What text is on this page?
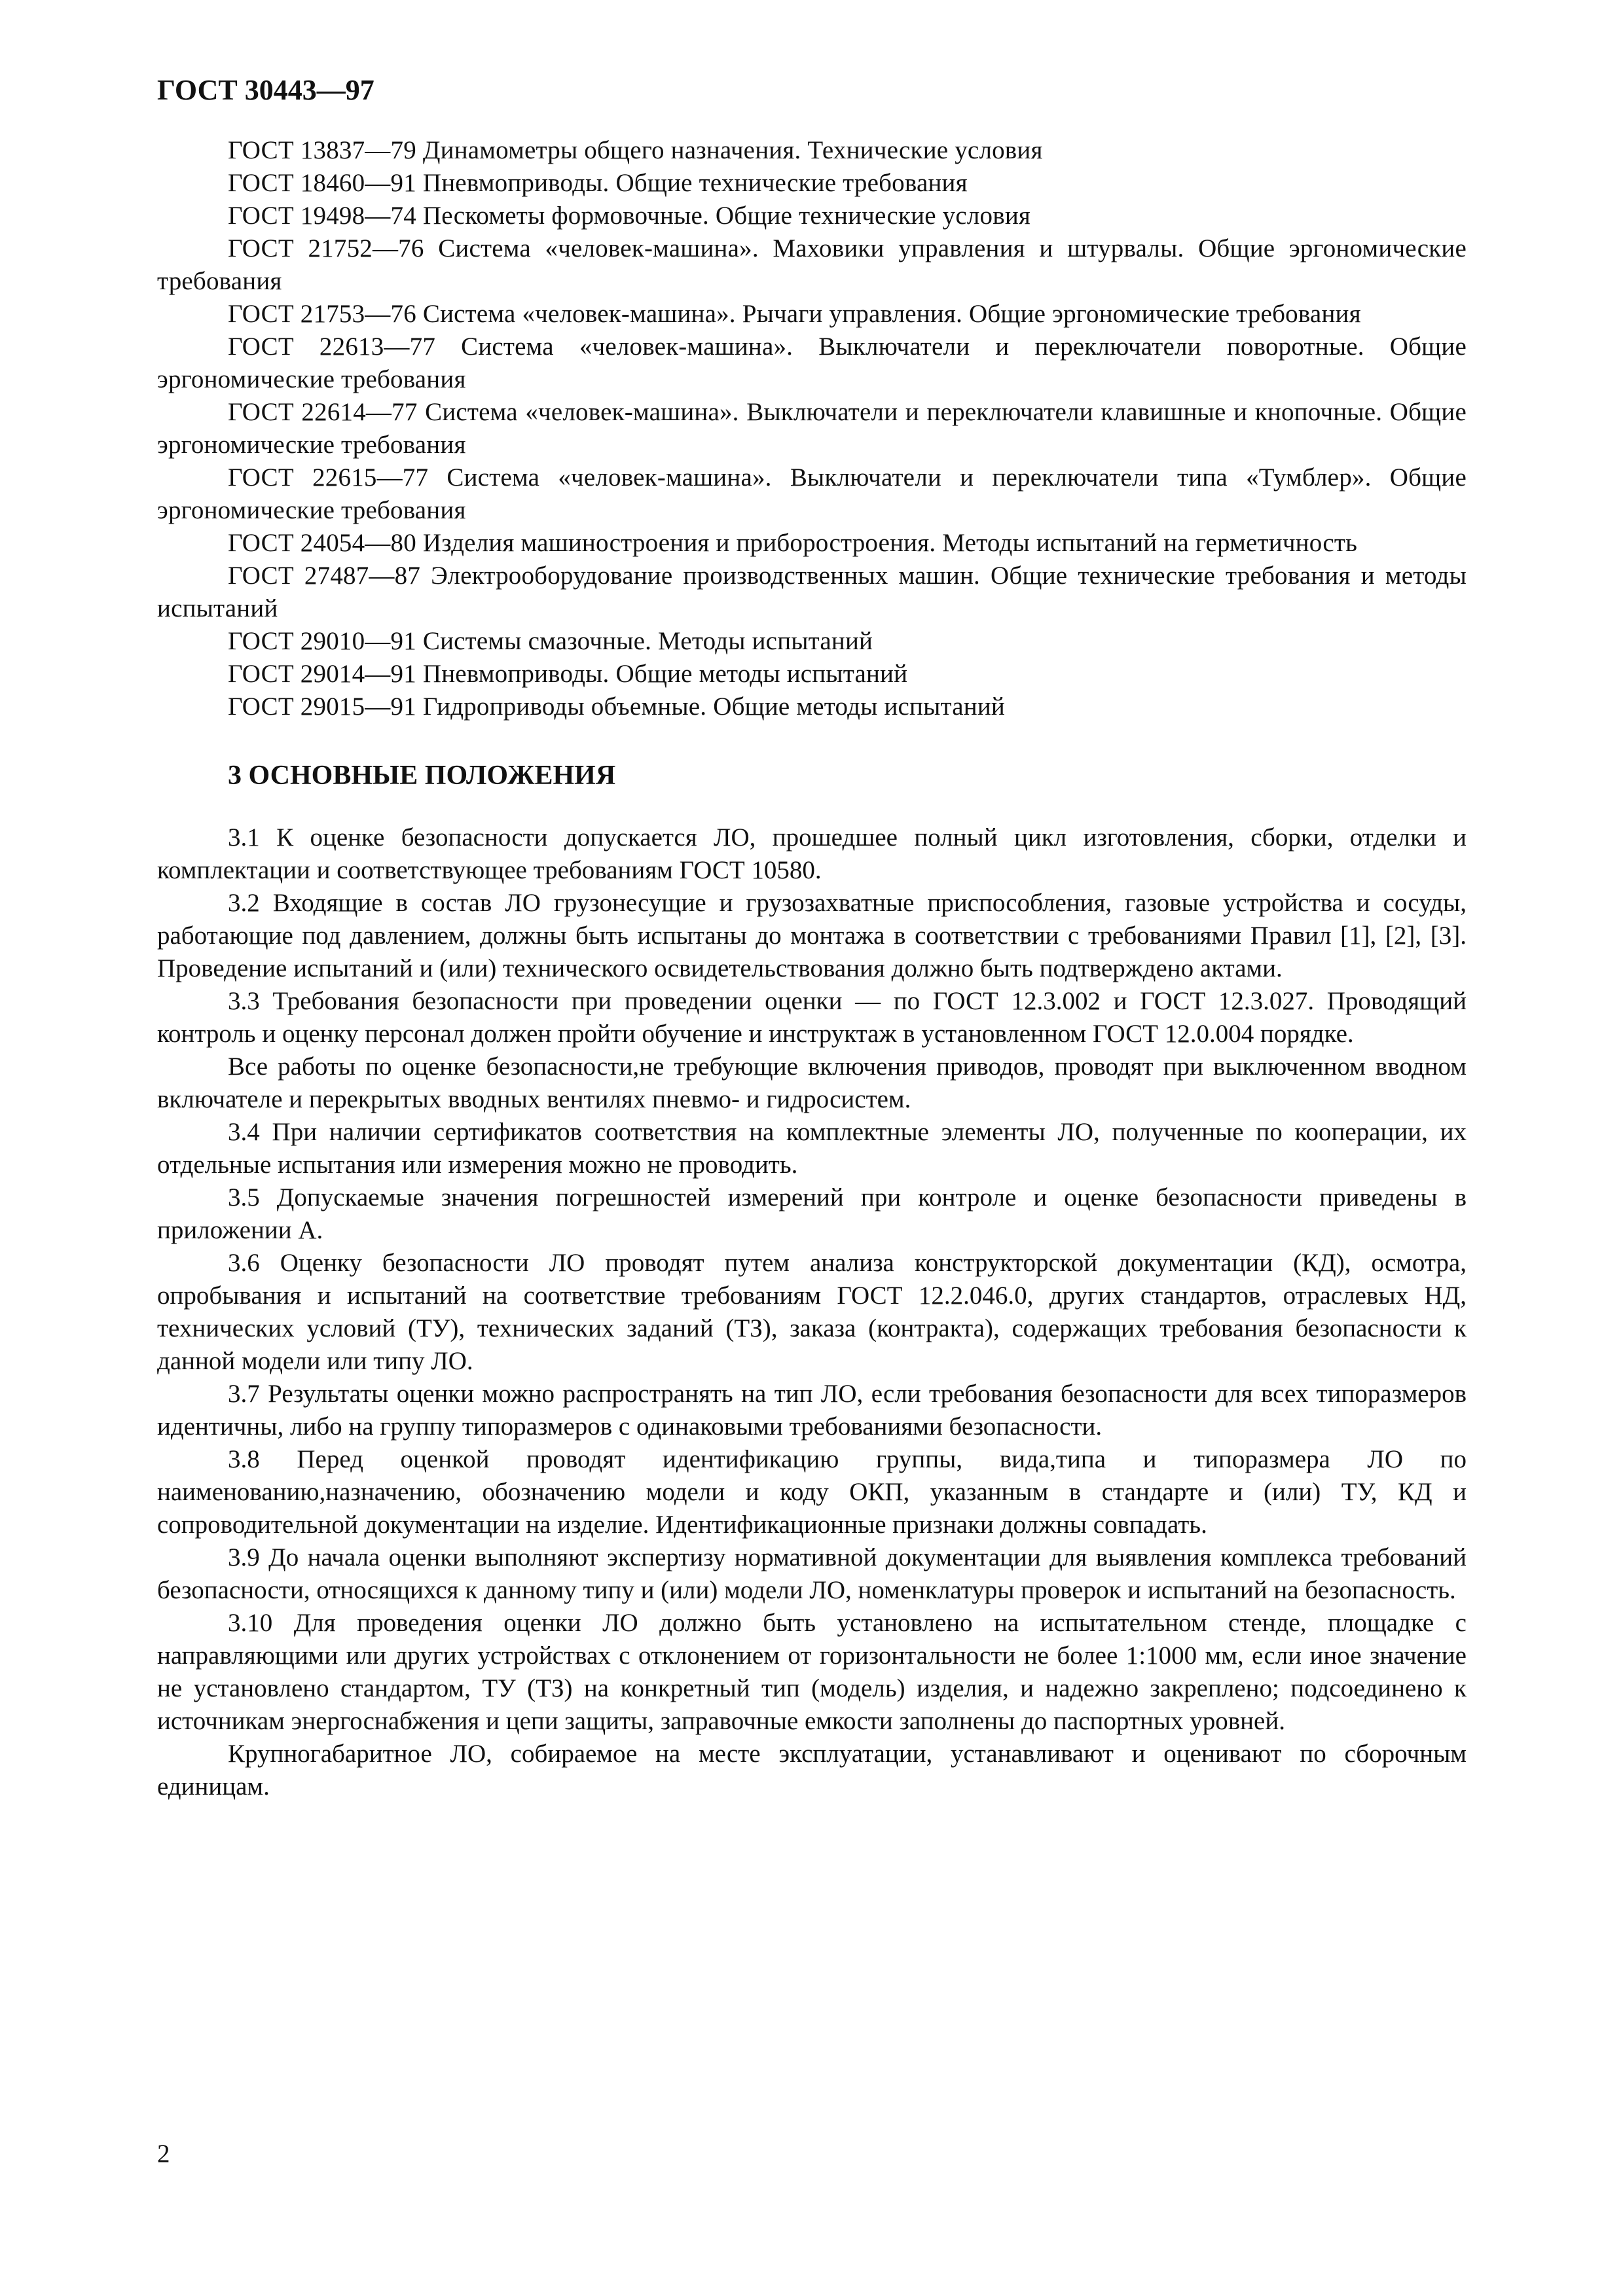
ГОСТ 30443—97

ГОСТ 13837—79 Динамометры общего назначения. Технические условия

ГОСТ 18460—91 Пневмоприводы. Общие технические требования

ГОСТ 19498—74 Пескометы формовочные. Общие технические условия

ГОСТ 21752—76 Система «человек-машина». Маховики управления и штурвалы. Общие эргономические требования

ГОСТ 21753—76 Система «человек-машина». Рычаги управления. Общие эргономические требования

ГОСТ 22613—77 Система «человек-машина». Выключатели и переключатели поворотные. Общие эргономические требования

ГОСТ 22614—77 Система «человек-машина». Выключатели и переключатели клавишные и кнопочные. Общие эргономические требования

ГОСТ 22615—77 Система «человек-машина». Выключатели и переключатели типа «Тумблер». Общие эргономические требования

ГОСТ 24054—80 Изделия машиностроения и приборостроения. Методы испытаний на герметичность

ГОСТ 27487—87 Электрооборудование производственных машин. Общие технические требования и методы испытаний

ГОСТ 29010—91 Системы смазочные. Методы испытаний

ГОСТ 29014—91 Пневмоприводы. Общие методы испытаний

ГОСТ 29015—91 Гидроприводы объемные. Общие методы испытаний

3 ОСНОВНЫЕ ПОЛОЖЕНИЯ

3.1 К оценке безопасности допускается ЛО, прошедшее полный цикл изготовления, сборки, отделки и комплектации и соответствующее требованиям ГОСТ 10580.

3.2 Входящие в состав ЛО грузонесущие и грузозахватные приспособления, газовые устройства и сосуды, работающие под давлением, должны быть испытаны до монтажа в соответствии с требованиями Правил [1], [2], [3]. Проведение испытаний и (или) технического освидетельствования должно быть подтверждено актами.

3.3 Требования безопасности при проведении оценки — по ГОСТ 12.3.002 и ГОСТ 12.3.027. Проводящий контроль и оценку персонал должен пройти обучение и инструктаж в установленном ГОСТ 12.0.004 порядке.

Все работы по оценке безопасности,не требующие включения приводов, проводят при выключенном вводном включателе и перекрытых вводных вентилях пневмо- и гидросистем.

3.4 При наличии сертификатов соответствия на комплектные элементы ЛО, полученные по кооперации, их отдельные испытания или измерения можно не проводить.

3.5 Допускаемые значения погрешностей измерений при контроле и оценке безопасности приведены в приложении А.

3.6 Оценку безопасности ЛО проводят путем анализа конструкторской документации (КД), осмотра, опробывания и испытаний на соответствие требованиям ГОСТ 12.2.046.0, других стандартов, отраслевых НД, технических условий (ТУ), технических заданий (ТЗ), заказа (контракта), содержащих требования безопасности к данной модели или типу ЛО.

3.7 Результаты оценки можно распространять на тип ЛО, если требования безопасности для всех типоразмеров идентичны, либо на группу типоразмеров с одинаковыми требованиями безопасности.

3.8 Перед оценкой проводят идентификацию группы, вида,типа и типоразмера ЛО по наименованию,назначению, обозначению модели и коду ОКП, указанным в стандарте и (или) ТУ, КД и сопроводительной документации на изделие. Идентификационные признаки должны совпадать.

3.9 До начала оценки выполняют экспертизу нормативной документации для выявления комплекса требований безопасности, относящихся к данному типу и (или) модели ЛО, номенклатуры проверок и испытаний на безопасность.

3.10 Для проведения оценки ЛО должно быть установлено на испытательном стенде, площадке с направляющими или других устройствах с отклонением от горизонтальности не более 1:1000 мм, если иное значение не установлено стандартом, ТУ (ТЗ) на конкретный тип (модель) изделия, и надежно закреплено; подсоединено к источникам энергоснабжения и цепи защиты, заправочные емкости заполнены до паспортных уровней.

Крупногабаритное ЛО, собираемое на месте эксплуатации, устанавливают и оценивают по сборочным единицам.

2
